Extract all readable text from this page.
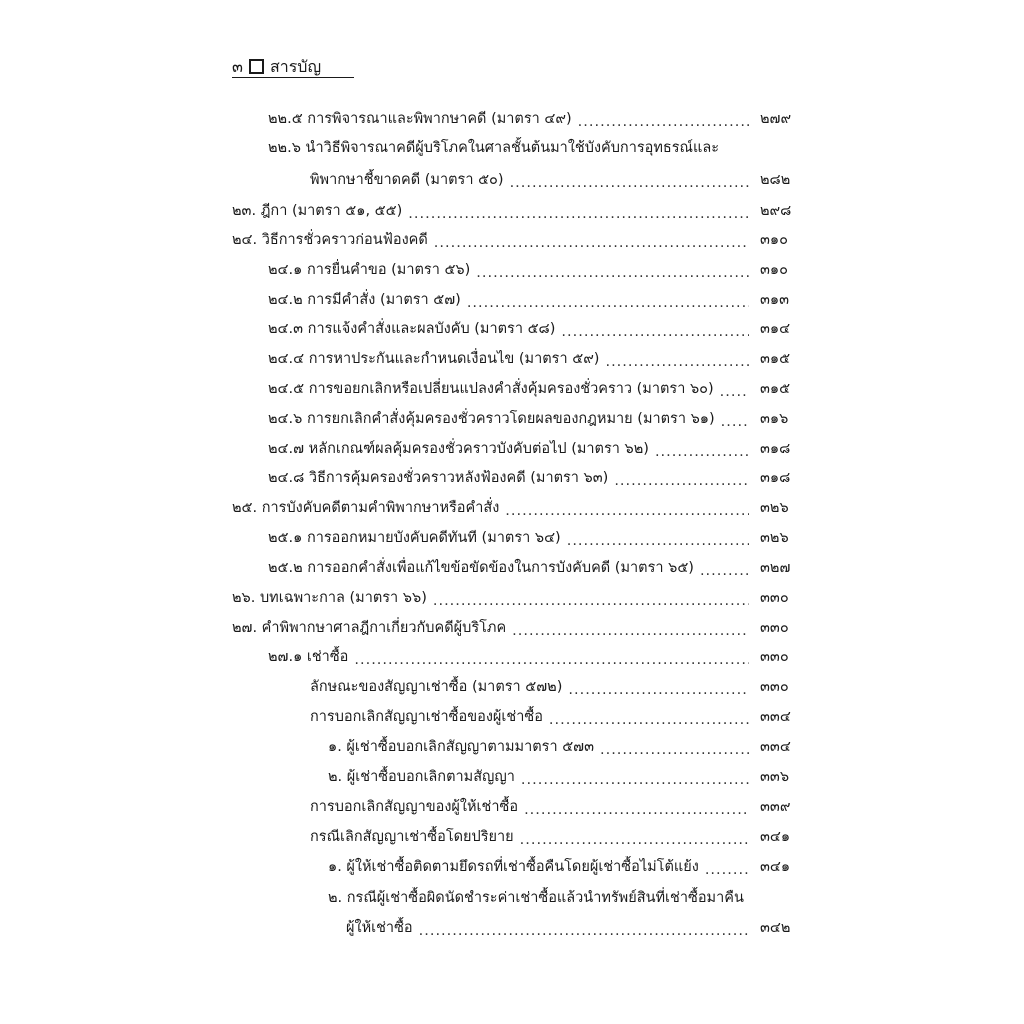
๓ สารบัญ
๒๒.๕ การพิจารณาและพิพากษาคดี (มาตรา ๔๙) .....	๒๗๙
๒๒.๖ นำวิธีพิจารณาคดีผู้บริโภคในศาลชั้นต้นมาใช้บังคับการอุทธรณ์และ
พิพากษาชี้ขาดคดี (มาตรา ๕๐) .....	๒๘๒
๒๓. ฎีกา (มาตรา ๕๑, ๕๕) .....	๒๙๘
๒๔. วิธีการชั่วคราวก่อนฟ้องคดี .....	๓๑๐
๒๔.๑ การยื่นคำขอ (มาตรา ๕๖) .....	๓๑๐
๒๔.๒ การมีคำสั่ง (มาตรา ๕๗) .....	๓๑๓
๒๔.๓ การแจ้งคำสั่งและผลบังคับ (มาตรา ๕๘) .....	๓๑๔
๒๔.๔ การหาประกันและกำหนดเงื่อนไข (มาตรา ๕๙) .....	๓๑๕
๒๔.๕ การขอยกเลิกหรือเปลี่ยนแปลงคำสั่งคุ้มครองชั่วคราว (มาตรา ๖๐) .....	๓๑๕
๒๔.๖ การยกเลิกคำสั่งคุ้มครองชั่วคราวโดยผลของกฎหมาย (มาตรา ๖๑) .....	๓๑๖
๒๔.๗ หลักเกณฑ์ผลคุ้มครองชั่วคราวบังคับต่อไป (มาตรา ๖๒) .....	๓๑๘
๒๔.๘ วิธีการคุ้มครองชั่วคราวหลังฟ้องคดี (มาตรา ๖๓) .....	๓๑๘
๒๕. การบังคับคดีตามคำพิพากษาหรือคำสั่ง .....	๓๒๖
๒๕.๑ การออกหมายบังคับคดีทันที (มาตรา ๖๔) .....	๓๒๖
๒๕.๒ การออกคำสั่งเพื่อแก้ไขข้อขัดข้องในการบังคับคดี (มาตรา ๖๕) .....	๓๒๗
๒๖. บทเฉพาะกาล (มาตรา ๖๖) .....	๓๓๐
๒๗. คำพิพากษาศาลฎีกาเกี่ยวกับคดีผู้บริโภค .....	๓๓๐
๒๗.๑ เช่าซื้อ .....	๓๓๐
ลักษณะของสัญญาเช่าซื้อ (มาตรา ๕๗๒) .....	๓๓๐
การบอกเลิกสัญญาเช่าซื้อของผู้เช่าซื้อ .....	๓๓๔
๑. ผู้เช่าซื้อบอกเลิกสัญญาตามมาตรา ๕๗๓ .....	๓๓๔
๒. ผู้เช่าซื้อบอกเลิกตามสัญญา .....	๓๓๖
การบอกเลิกสัญญาของผู้ให้เช่าซื้อ .....	๓๓๙
กรณีเลิกสัญญาเช่าซื้อโดยปริยาย .....	๓๔๑
๑. ผู้ให้เช่าซื้อติดตามยึดรถที่เช่าซื้อคืนโดยผู้เช่าซื้อไม่โต้แย้ง .....	๓๔๑
๒. กรณีผู้เช่าซื้อผิดนัดชำระค่าเช่าซื้อแล้วนำทรัพย์สินที่เช่าซื้อมาคืน
ผู้ให้เช่าซื้อ .....	๓๔๒
